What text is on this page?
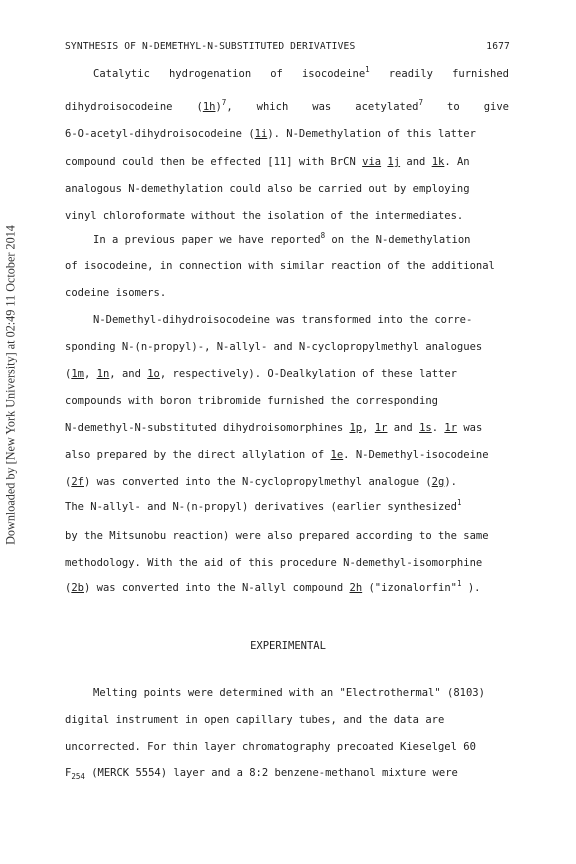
Downloaded by [New York University] at 02:49 11 October 2014
SYNTHESIS OF N-DEMETHYL-N-SUBSTITUTED DERIVATIVES	1677
Catalytic hydrogenation of isocodeine$^1$ readily furnished
dihydroisocodeine $(1h)^7$, which was acetylated$^7$ to give
6-O-acetyl-dihydroisocodeine (1i). N-Demethylation of this latter
compound could then be effected [11] with BrCN via 1j and 1k. An
analogous N-demethylation could also be carried out by employing
vinyl chloroformate without the isolation of the intermediates.
In a previous paper we have reported$^8$ on the N-demethylation
of isocodeine, in connection with similar reaction of the additional
codeine isomers.
N-Demethyl-dihydroisocodeine was transformed into the corre-
sponding N-(n-propyl)-, N-allyl- and N-cyclopropylmethyl analogues
(1m, 1n, and 1o, respectively). O-Dealkylation of these latter
compounds with boron tribromide furnished the corresponding
N-demethyl-N-substituted dihydroisomorphines 1p, 1r and 1s. 1r was
also prepared by the direct allylation of 1e. N-Demethyl-isocodeine
(2f) was converted into the N-cyclopropylmethyl analogue (2g).
The N-allyl- and N-(n-propyl) derivatives (earlier synthesized$^1$
by the Mitsunobu reaction) were also prepared according to the same
methodology. With the aid of this procedure N-demethyl-isomorphine
(2b) was converted into the N-allyl compound 2h ("izonalorfin"$^1$ ).
EXPERIMENTAL
Melting points were determined with an "Electrothermal" (8103)
digital instrument in open capillary tubes, and the data are
uncorrected. For thin layer chromatography precoated Kieselgel 60
$F_{254}$ (MERCK 5554) layer and a 8:2 benzene-methanol mixture were
